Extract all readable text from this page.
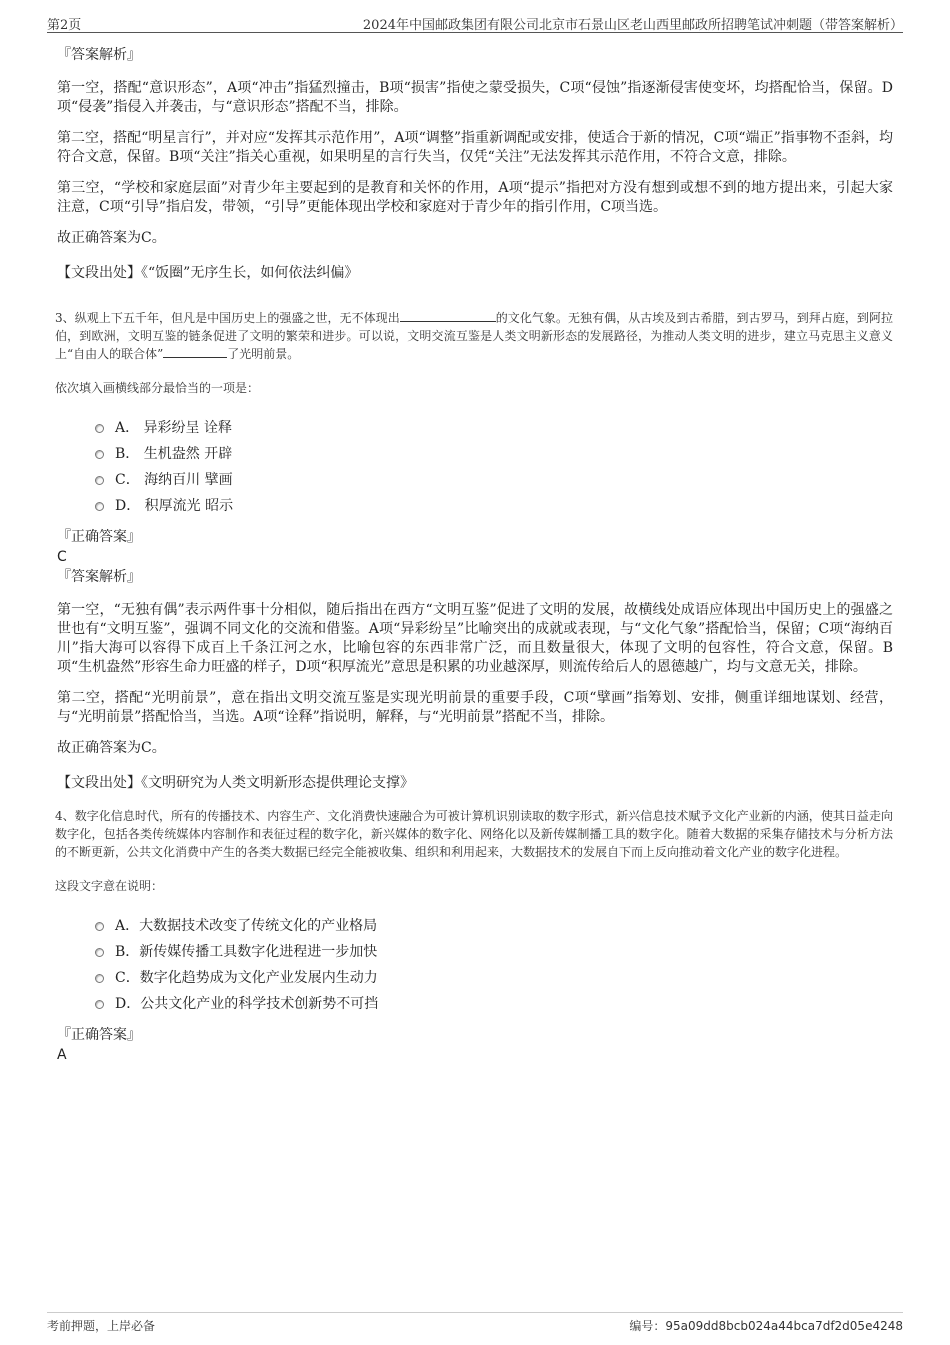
第2页	2024年中国邮政集团有限公司北京市石景山区老山西里邮政所招聘笔试冲刺题（带答案解析）

『答案解析』

第一空，搭配“意识形态”，A项“冲击”指猛烈撞击，B项“损害”指使之蒙受损失，C项“侵蚀”指逐渐侵害使变坏，均搭配恰当，保留。D项“侵袭”指侵入并袭击，与“意识形态”搭配不当，排除。

第二空，搭配“明星言行”，并对应“发挥其示范作用”，A项“调整”指重新调配或安排，使适合于新的情况，C项“端正”指事物不歪斜，均符合文意，保留。B项“关注”指关心重视，如果明星的言行失当，仅凭“关注”无法发挥其示范作用，不符合文意，排除。

第三空，“学校和家庭层面”对青少年主要起到的是教育和关怀的作用，A项“提示”指把对方没有想到或想不到的地方提出来，引起大家注意，C项“引导”指启发，带领，“引导”更能体现出学校和家庭对于青少年的指引作用，C项当选。

故正确答案为C。

【文段出处】《“饭圈”无序生长，如何依法纠偏》

3、纵观上下五千年，但凡是中国历史上的强盛之世，无不体现出	的文化气象。无独有偶，从古埃及到古希腊，到古罗马，到拜占庭，到阿拉伯，到欧洲，文明互鉴的链条促进了文明的繁荣和进步。可以说，文明交流互鉴是人类文明新形态的发展路径，为推动人类文明的进步，建立马克思主义意义上“自由人的联合体”	了光明前景。

依次填入画横线部分最恰当的一项是：

A． 异彩纷呈 诠释
B． 生机盎然 开辟
C． 海纳百川 擘画
D． 积厚流光 昭示

『正确答案』

C

『答案解析』

第一空，“无独有偶”表示两件事十分相似，随后指出在西方“文明互鉴”促进了文明的发展，故横线处成语应体现出中国历史上的强盛之世也有“文明互鉴”，强调不同文化的交流和借鉴。A项“异彩纷呈”比喻突出的成就或表现，与“文化气象”搭配恰当，保留；C项“海纳百川”指大海可以容得下成百上千条江河之水，比喻包容的东西非常广泛，而且数量很大，体现了文明的包容性，符合文意，保留。B项“生机盎然”形容生命力旺盛的样子，D项“积厚流光”意思是积累的功业越深厚，则流传给后人的恩德越广，均与文意无关，排除。

第二空，搭配“光明前景”，意在指出文明交流互鉴是实现光明前景的重要手段，C项“擘画”指筹划、安排，侧重详细地谋划、经营，与“光明前景”搭配恰当，当选。A项“诠释”指说明，解释，与“光明前景”搭配不当，排除。

故正确答案为C。

【文段出处】《文明研究为人类文明新形态提供理论支撑》

4、数字化信息时代，所有的传播技术、内容生产、文化消费快速融合为可被计算机识别读取的数字形式，新兴信息技术赋予文化产业新的内涵，使其日益走向数字化，包括各类传统媒体内容制作和表征过程的数字化，新兴媒体的数字化、网络化以及新传媒制播工具的数字化。随着大数据的采集存储技术与分析方法的不断更新，公共文化消费中产生的各类大数据已经完全能被收集、组织和利用起来，大数据技术的发展自下而上反向推动着文化产业的数字化进程。

这段文字意在说明：

A．大数据技术改变了传统文化的产业格局
B．新传媒传播工具数字化进程进一步加快
C．数字化趋势成为文化产业发展内生动力
D．公共文化产业的科学技术创新势不可挡

『正确答案』

A

考前押题，上岸必备	编号：95a09dd8bcb024a44bca7df2d05e4248
